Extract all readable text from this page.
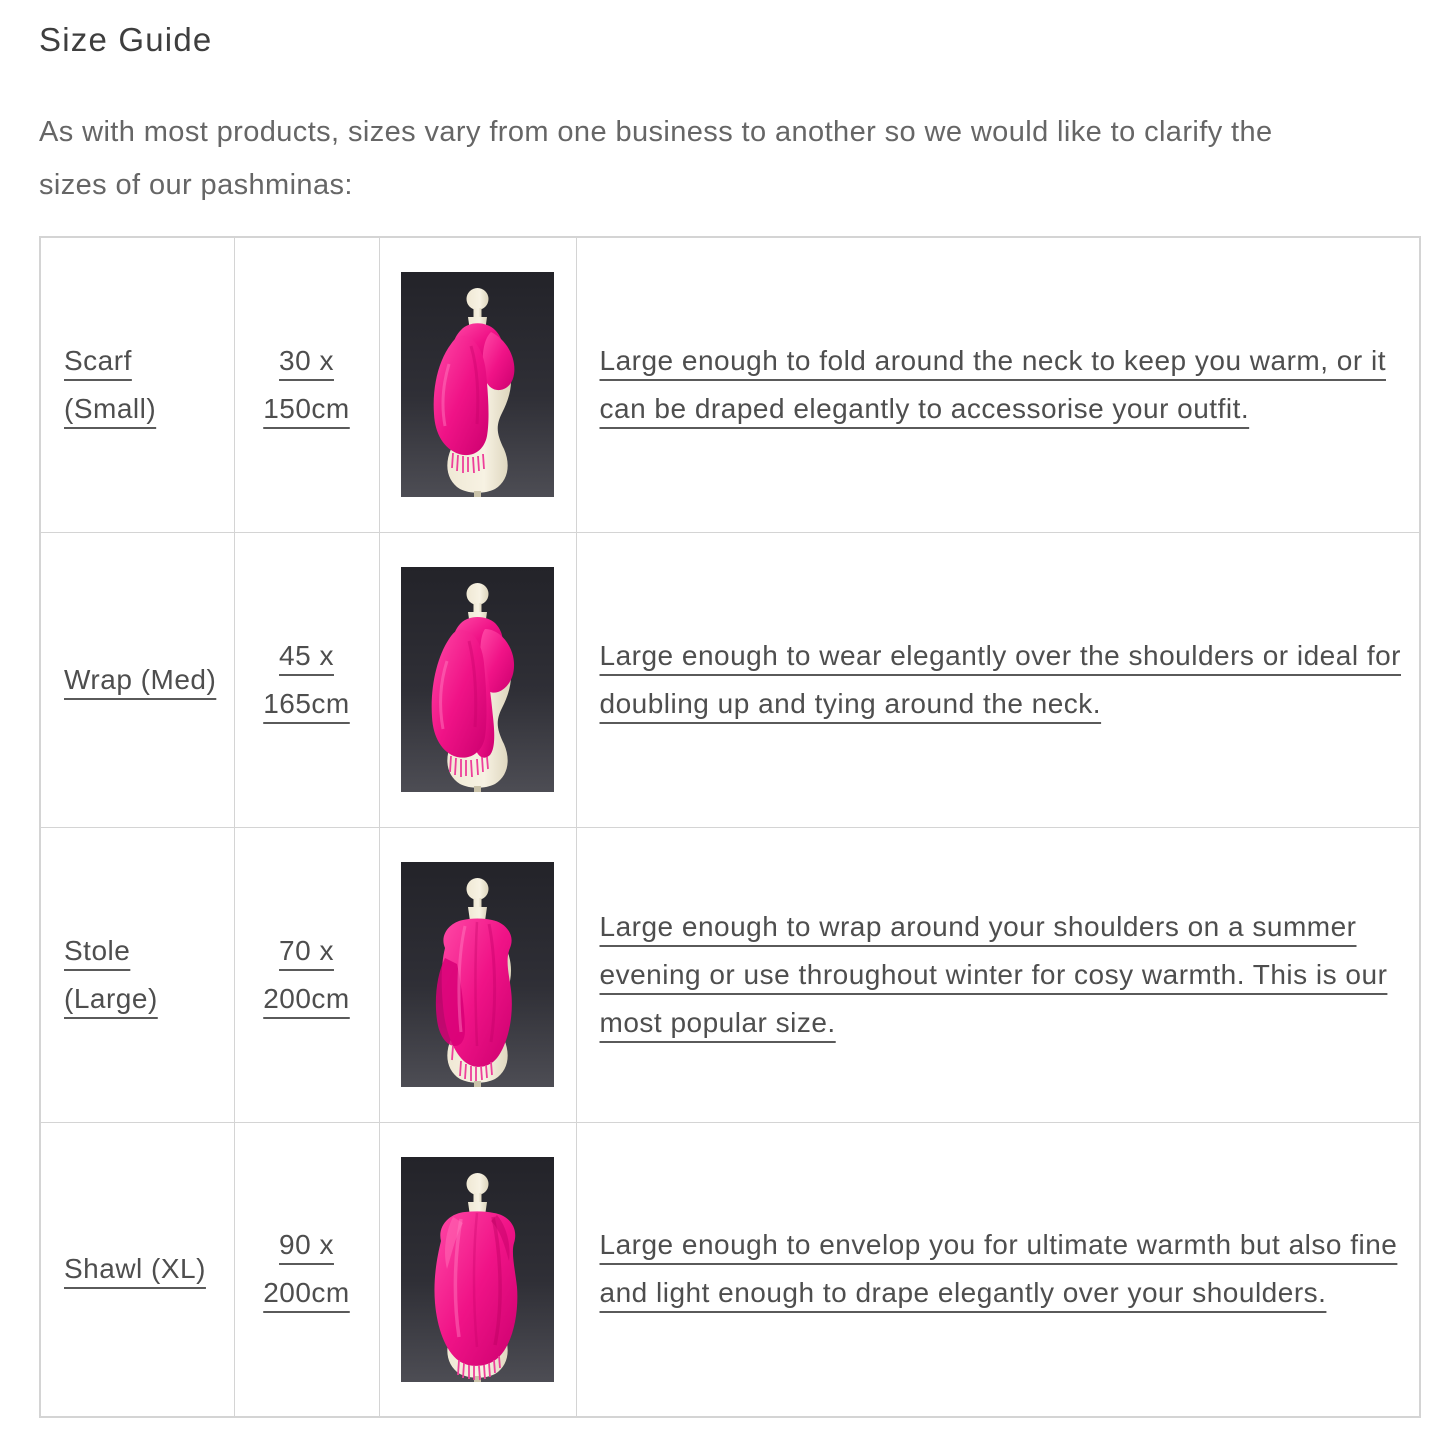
Size Guide

As with most products, sizes vary from one business to another so we would like to clarify the sizes of our pashminas:

Scarf (Small)	30 x 150cm		Large enough to fold around the neck to keep you warm, or it can be draped elegantly to accessorise your outfit.
Wrap (Med)	45 x 165cm		Large enough to wear elegantly over the shoulders or ideal for doubling up and tying around the neck.
Stole (Large)	70 x 200cm		Large enough to wrap around your shoulders on a summer evening or use throughout winter for cosy warmth. This is our most popular size.
Shawl (XL)	90 x 200cm		Large enough to envelop you for ultimate warmth but also fine and light enough to drape elegantly over your shoulders.
